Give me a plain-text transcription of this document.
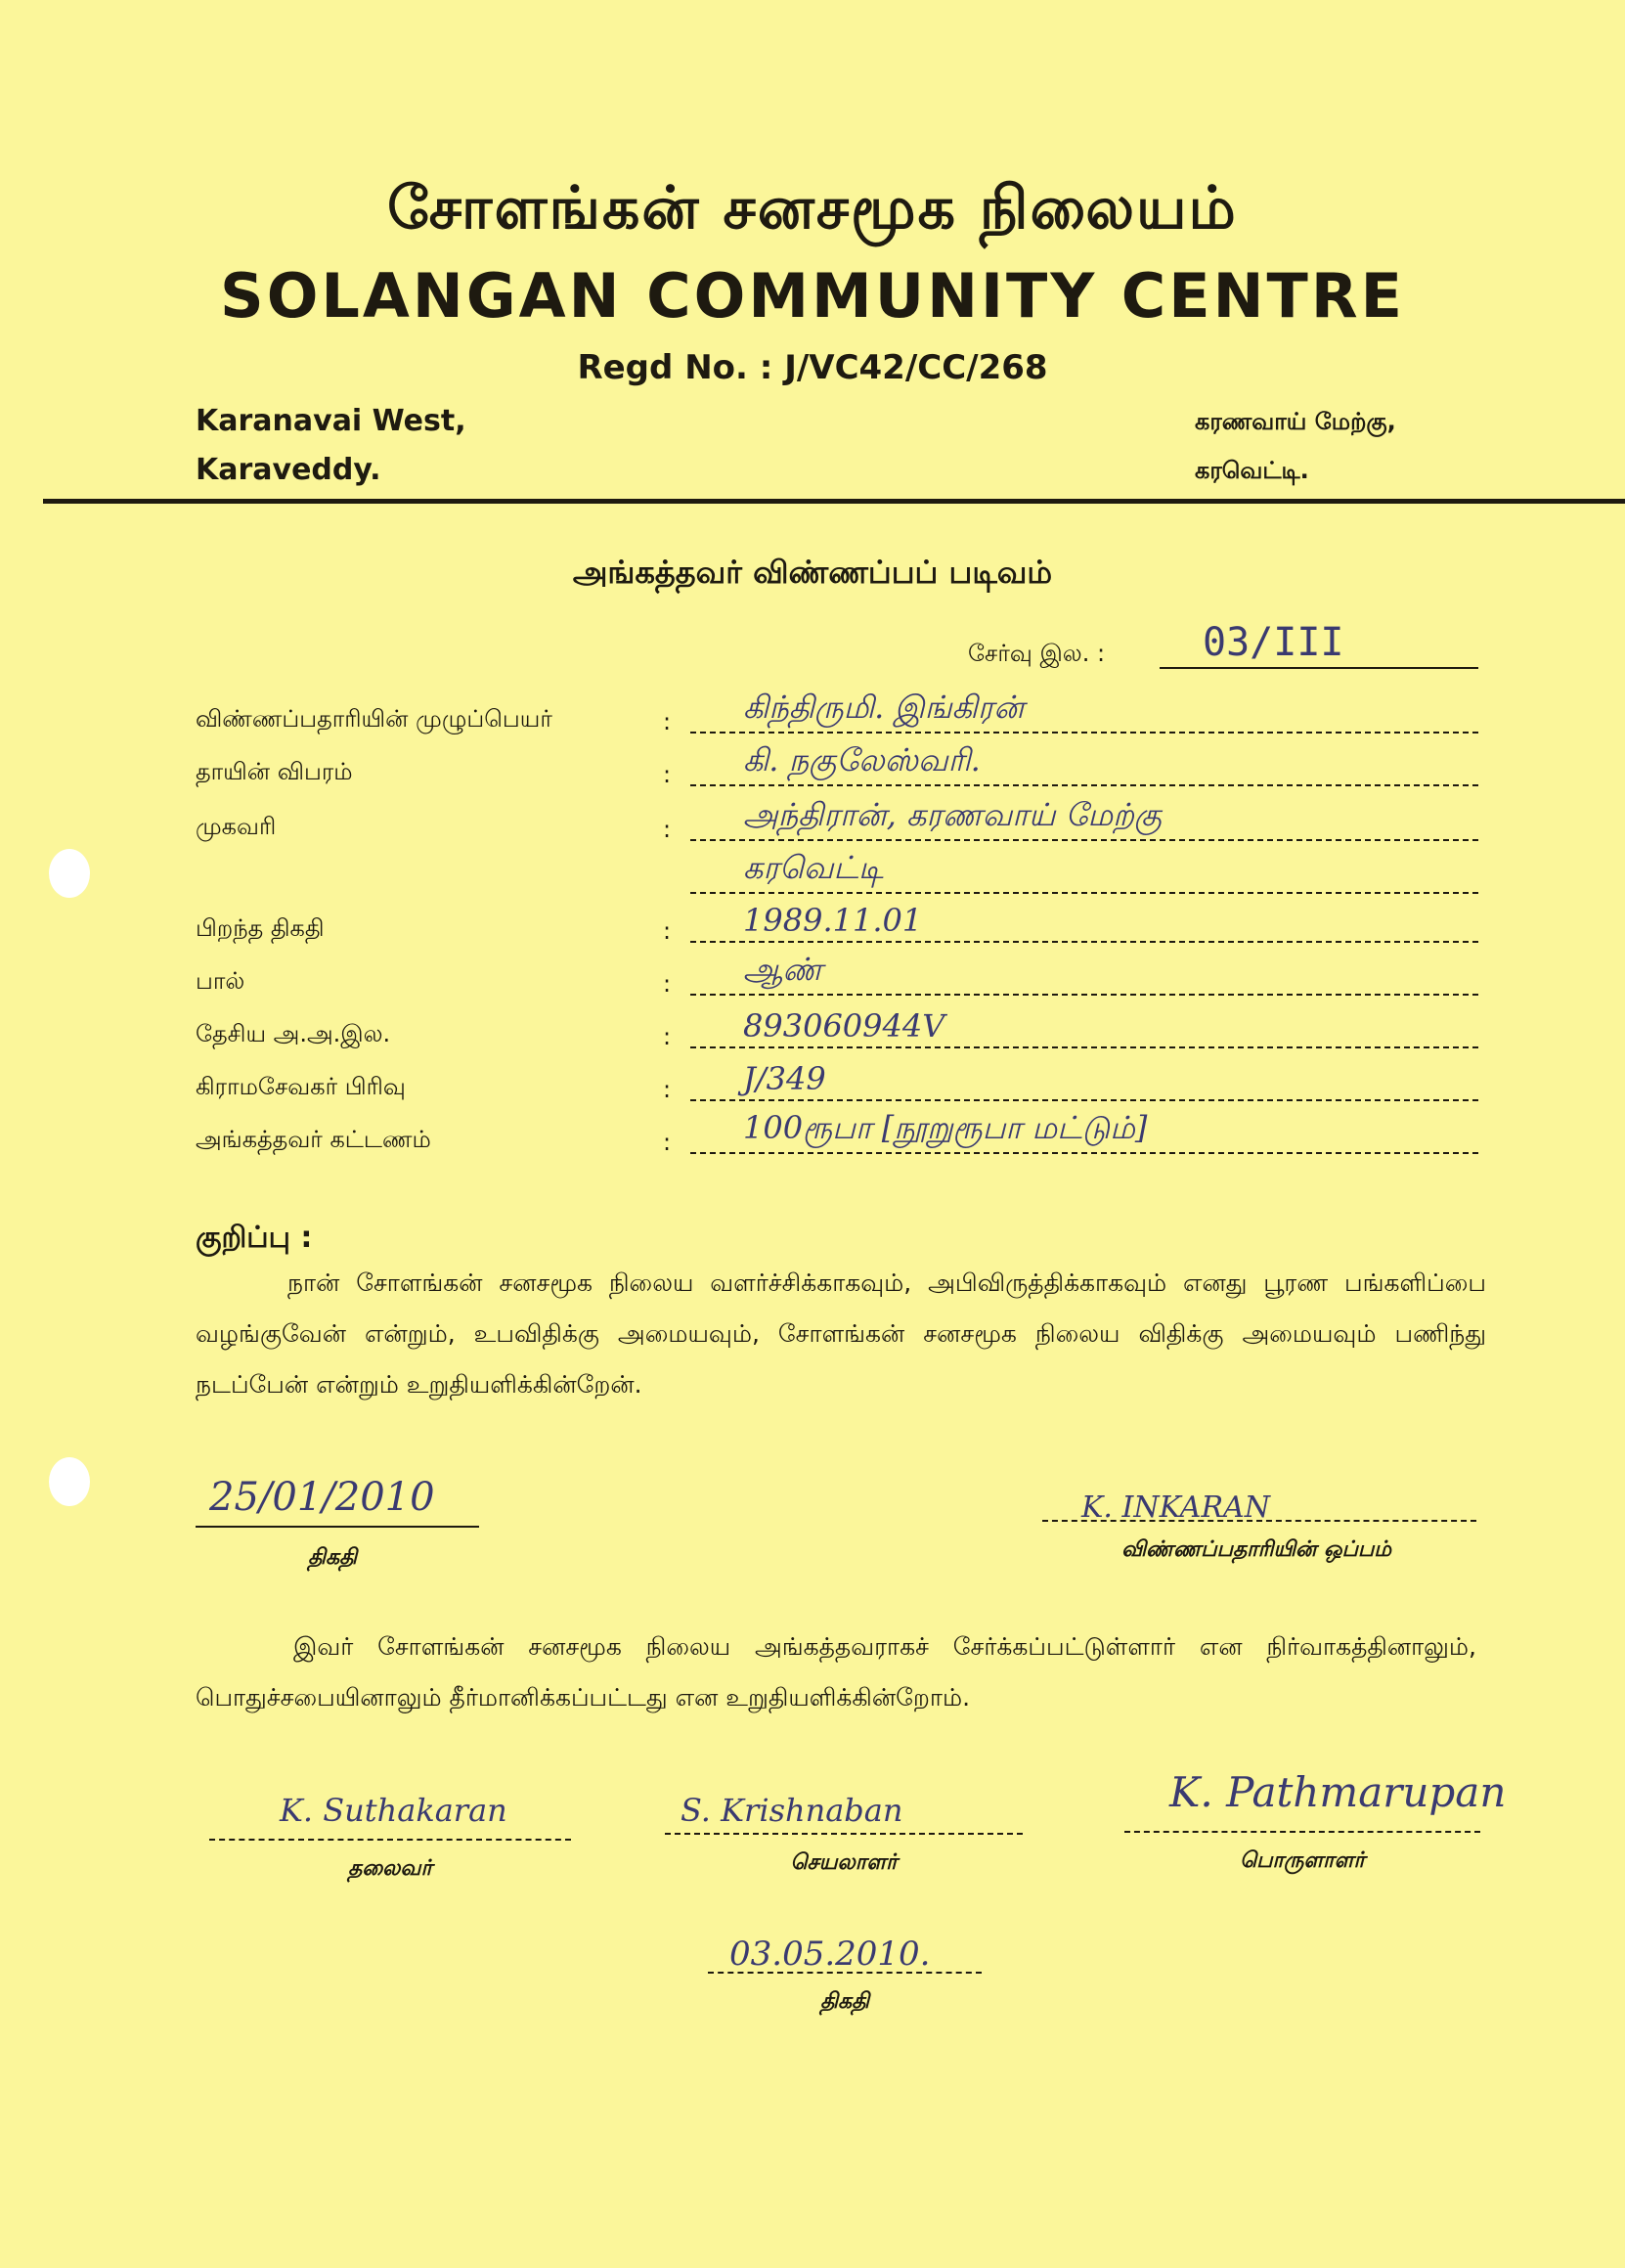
சோளங்கன் சனசமூக நிலையம்
SOLANGAN COMMUNITY CENTRE
Regd No. : J/VC42/CC/268
Karanavai West,
Karaveddy.
கரணவாய் மேற்கு,
கரவெட்டி.
அங்கத்தவர் விண்ணப்பப் படிவம்
சேர்வு இல. : 03/III
விண்ணப்பதாரியின் முழுப்பெயர்	: கிந்திருமி. இங்கிரன்
தாயின் விபரம்	: கி. நகுலேஸ்வரி.
முகவரி	: அந்திரான், கரணவாய் மேற்கு
கரவெட்டி
பிறந்த திகதி	: 1989.11.01
பால்	: ஆண்
தேசிய அ.அ.இல.	: 893060944V
கிராமசேவகர் பிரிவு	: J/349
அங்கத்தவர் கட்டணம்	: 100ரூபா [நூறுரூபா மட்டும்]
குறிப்பு :
நான் சோளங்கன் சனசமூக நிலைய வளர்ச்சிக்காகவும், அபிவிருத்திக்காகவும் எனது பூரண பங்களிப்பை வழங்குவேன் என்றும், உபவிதிக்கு அமையவும், சோளங்கன் சனசமூக நிலைய விதிக்கு அமையவும் பணிந்து நடப்பேன் என்றும் உறுதியளிக்கின்றேன்.
25/01/2010
திகதி
K. INKARAN
விண்ணப்பதாரியின் ஒப்பம்
இவர் சோளங்கன் சனசமூக நிலைய அங்கத்தவராகச் சேர்க்கப்பட்டுள்ளார் என நிர்வாகத்தினாலும், பொதுச்சபையினாலும் தீர்மானிக்கப்பட்டது என உறுதியளிக்கின்றோம்.
K. Suthakaran
தலைவர்
S. Krishnaban
செயலாளர்
K. Pathmarupan
பொருளாளர்
03.05.2010.
திகதி
